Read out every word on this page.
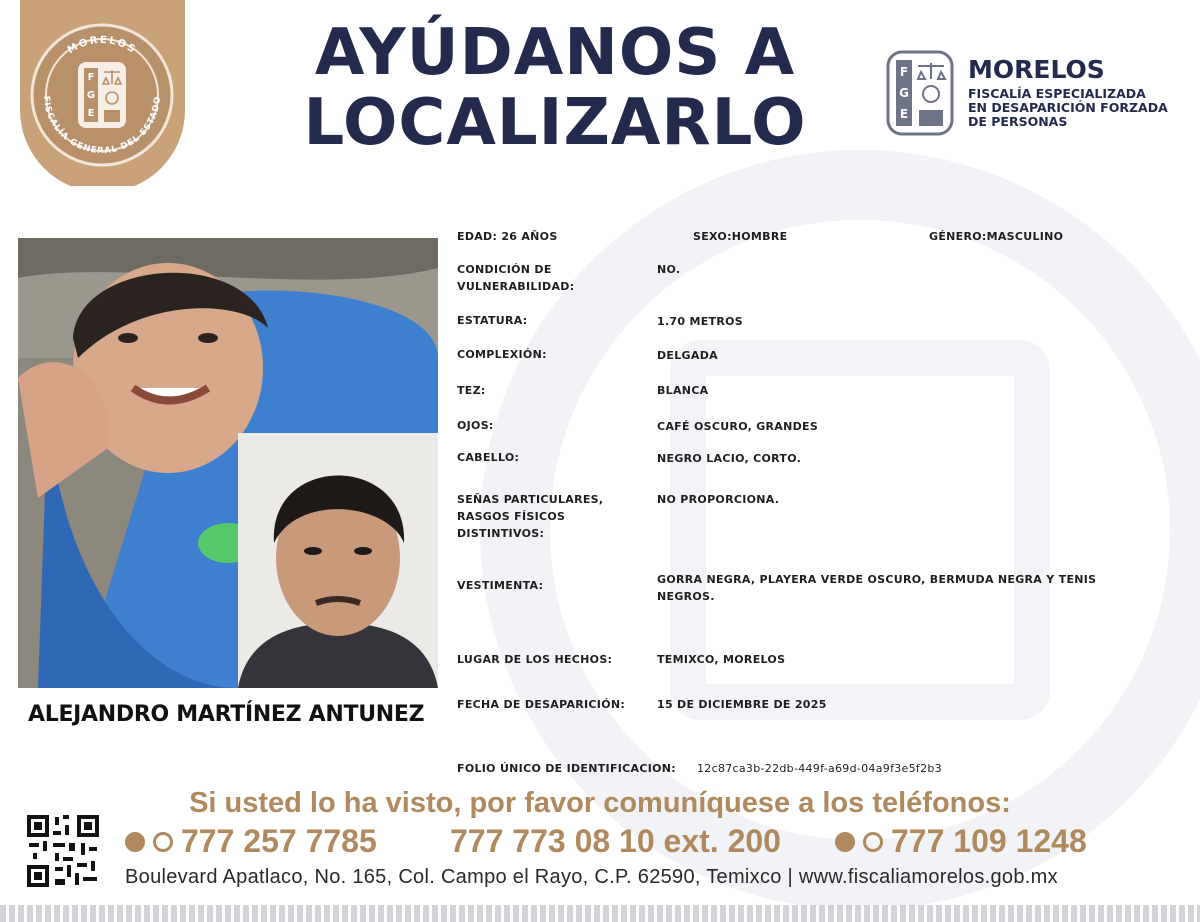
MORELOS
FISCALÍA GENERAL DEL ESTADO
F
G
E
AYÚDANOS A
LOCALIZARLO
F
G
E
MORELOS
FISCALÍA ESPECIALIZADA
EN DESAPARICIÓN FORZADA
DE PERSONAS
ALEJANDRO MARTÍNEZ ANTUNEZ
EDAD: 26 AÑOS	SEXO:HOMBRE	GÉNERO:MASCULINO
CONDICIÓN DE
VULNERABILIDAD:
NO.
ESTATURA:	1.70 METROS
COMPLEXIÓN:	DELGADA
TEZ:	BLANCA
OJOS:	CAFÉ OSCURO, GRANDES
CABELLO:	NEGRO LACIO, CORTO.
SEÑAS PARTICULARES,
RASGOS FÍSICOS
DISTINTIVOS:
NO PROPORCIONA.
VESTIMENTA:	GORRA NEGRA, PLAYERA VERDE OSCURO, BERMUDA NEGRA Y TENIS
NEGROS.
LUGAR DE LOS HECHOS:	TEMIXCO, MORELOS
FECHA DE DESAPARICIÓN:	15 DE DICIEMBRE DE 2025
FOLIO ÚNICO DE IDENTIFICACION:	12c87ca3b-22db-449f-a69d-04a9f3e5f2b3
Si usted lo ha visto, por favor comuníquese a los teléfonos:
777 257 7785 777 773 08 10 ext. 200	777 109 1248
Boulevard Apatlaco, No. 165, Col. Campo el Rayo, C.P. 62590, Temixco | www.fiscaliamorelos.gob.mx
